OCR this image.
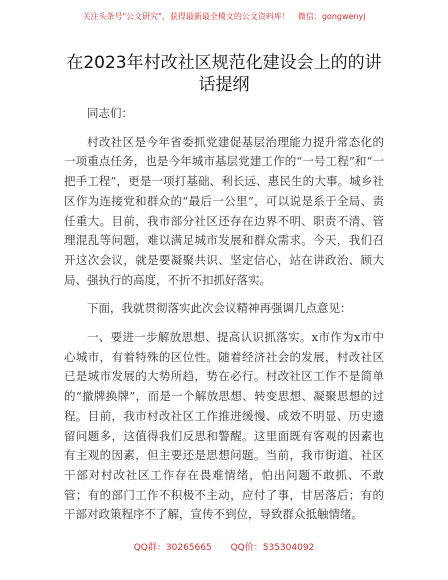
关注头条号"公文研究"，获得最新最全模文的公文资料库！　微信：gongwenyj
在2023年村改社区规范化建设会上的的讲话提纲

同志们：

村改社区是今年省委抓党建促基层治理能力提升常态化的一项重点任务，也是今年城市基层党建工作的“一号工程”和“一把手工程”，更是一项打基础、利长远、惠民生的大事。城乡社区作为连接党和群众的“最后一公里”，可以说是系于全局、责任重大。目前，我市部分社区还存在边界不明、职责不清、管理混乱等问题，难以满足城市发展和群众需求。今天，我们召开这次会议，就是要凝聚共识、坚定信心，站在讲政治、顾大局、强执行的高度，不折不扣抓好落实。

下面，我就贯彻落实此次会议精神再强调几点意见：

一、要进一步解放思想、提高认识抓落实。x市作为x市中心城市，有着特殊的区位性。随着经济社会的发展，村改社区已是城市发展的大势所趋，势在必行。村改社区工作不是简单的“撤牌换牌”，而是一个解放思想、转变思想、凝聚思想的过程。目前，我市村改社区工作推进缓慢、成效不明显、历史遗留问题多，这值得我们反思和警醒。这里面既有客观的因素也有主观的因素，但主要还是思想问题。当前，我市街道、社区干部对村改社区工作存在畏难情绪，怕出问题不敢抓、不敢管；有的部门工作不积极不主动，应付了事，甘居落后；有的干部对政策程序不了解，宣传不到位，导致群众抵触情绪。

QQ群：30265665 QQ价：535304092
